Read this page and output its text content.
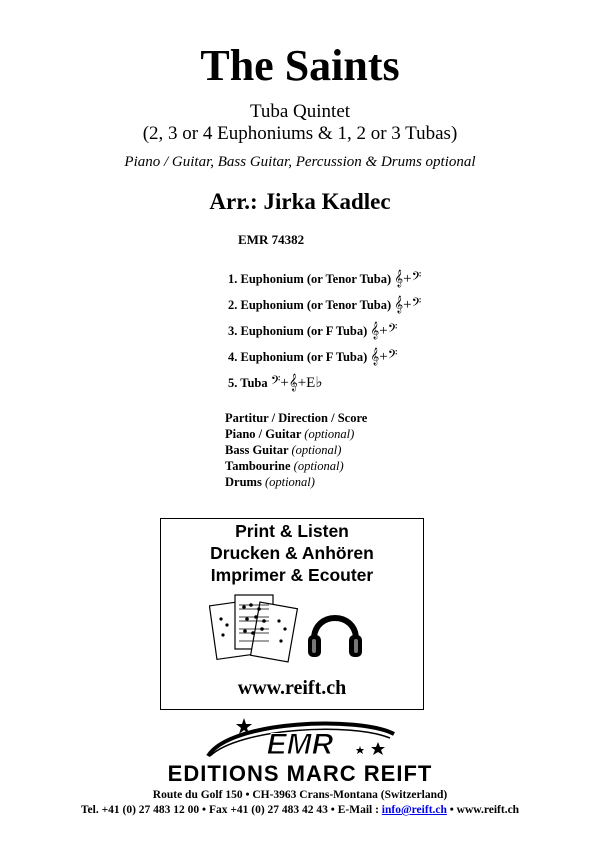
The Saints
Tuba Quintet
(2, 3 or 4 Euphoniums & 1, 2 or 3 Tubas)
Piano / Guitar, Bass Guitar, Percussion & Drums optional
Arr.: Jirka Kadlec
EMR 74382
1. Euphonium (or Tenor Tuba) 𝄞+𝄢
2. Euphonium (or Tenor Tuba) 𝄞+𝄢
3. Euphonium (or F Tuba) 𝄞+𝄢
4. Euphonium (or F Tuba) 𝄞+𝄢
5. Tuba 𝄢+𝄞+E♭
Partitur / Direction / Score
Piano / Guitar (optional)
Bass Guitar (optional)
Tambourine (optional)
Drums (optional)
Print & Listen
Drucken & Anhören
Imprimer & Ecouter
www.reift.ch
EMR
EDITIONS MARC REIFT
Route du Golf 150 • CH-3963 Crans-Montana (Switzerland)
Tel. +41 (0) 27 483 12 00 • Fax +41 (0) 27 483 42 43 • E-Mail : info@reift.ch • www.reift.ch
